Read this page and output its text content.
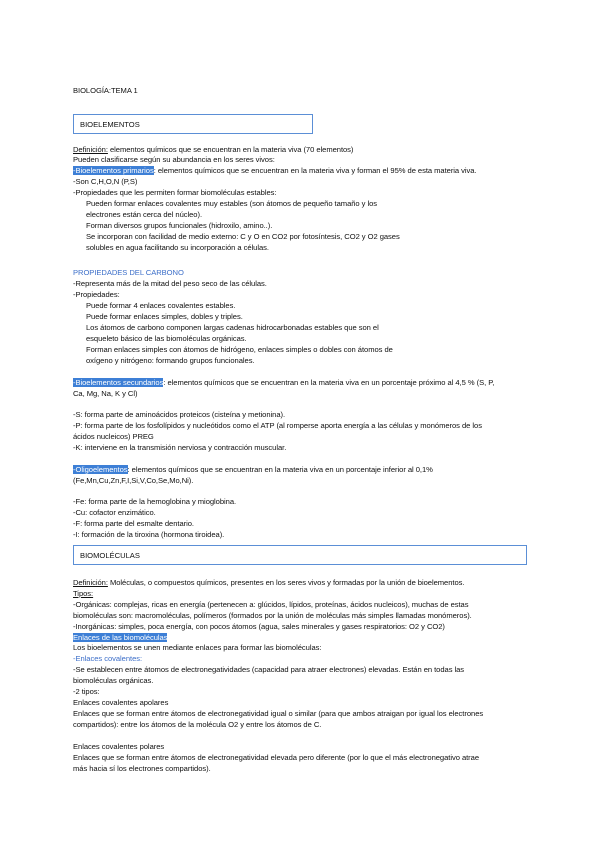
BIOLOGÍA:TEMA 1
BIOELEMENTOS
Definición: elementos químicos que se encuentran en la materia viva (70 elementos)
Pueden clasificarse según su abundancia en los seres vivos:
-Bioelementos primarios: elementos químicos que se encuentran en la materia viva y forman el 95% de esta materia viva.
-Son C,H,O,N (P,S)
-Propiedades que les permiten formar biomoléculas estables:
Pueden formar enlaces covalentes muy estables (son átomos de pequeño tamaño y los
electrones están cerca del núcleo).
Forman diversos grupos funcionales (hidroxilo, amino..).
Se incorporan con facilidad de medio externo: C y O en CO2 por fotosíntesis, CO2 y O2 gases
solubles en agua facilitando su incorporación a células.
PROPIEDADES DEL CARBONO
-Representa más de la mitad del peso seco de las células.
-Propiedades:
Puede formar 4 enlaces covalentes estables.
Puede formar enlaces simples, dobles y triples.
Los átomos de carbono componen largas cadenas hidrocarbonadas estables que son el
esqueleto básico de las biomoléculas orgánicas.
Forman enlaces simples con átomos de hidrógeno, enlaces simples o dobles con átomos de
oxígeno y nitrógeno: formando grupos funcionales.
-Bioelementos secundarios: elementos químicos que se encuentran en la materia viva en un porcentaje próximo al 4,5 % (S, P,
Ca, Mg, Na, K y Cl)
-S: forma parte de aminoácidos proteicos (cisteína y metionina).
-P: forma parte de los fosfolípidos y nucleótidos como el ATP (al romperse aporta energía a las células y monómeros de los
ácidos nucleicos) PREG
-K: interviene en la transmisión nerviosa y contracción muscular.
-Oligoelementos: elementos químicos que se encuentran en la materia viva en un porcentaje inferior al 0,1%
(Fe,Mn,Cu,Zn,F,I,Si,V,Co,Se,Mo,Ni).
-Fe: forma parte de la hemoglobina y mioglobina.
-Cu: cofactor enzimático.
-F: forma parte del esmalte dentario.
-I: formación de la tiroxina (hormona tiroidea).
BIOMOLÉCULAS
Definición: Moléculas, o compuestos químicos, presentes en los seres vivos y formadas por la unión de bioelementos.
Tipos:
-Orgánicas: complejas, ricas en energía (pertenecen a: glúcidos, lípidos, proteínas, ácidos nucleicos), muchas de estas
biomoléculas son: macromoléculas, polímeros (formados por la unión de moléculas más simples llamadas monómeros).
-Inorgánicas: simples, poca energía, con pocos átomos (agua, sales minerales y gases respiratorios: O2 y CO2)
Enlaces de las biomoléculas
Los bioelementos se unen mediante enlaces para formar las biomoléculas:
-Enlaces covalentes:
-Se establecen entre átomos de electronegatividades (capacidad para atraer electrones) elevadas. Están en todas las
biomoléculas orgánicas.
-2 tipos:
Enlaces covalentes apolares
Enlaces que se forman entre átomos de electronegatividad igual o similar (para que ambos atraigan por igual los electrones
compartidos): entre los átomos de la molécula O2 y entre los átomos de C.
Enlaces covalentes polares
Enlaces que se forman entre átomos de electronegatividad elevada pero diferente (por lo que el más electronegativo atrae
más hacia sí los electrones compartidos).
